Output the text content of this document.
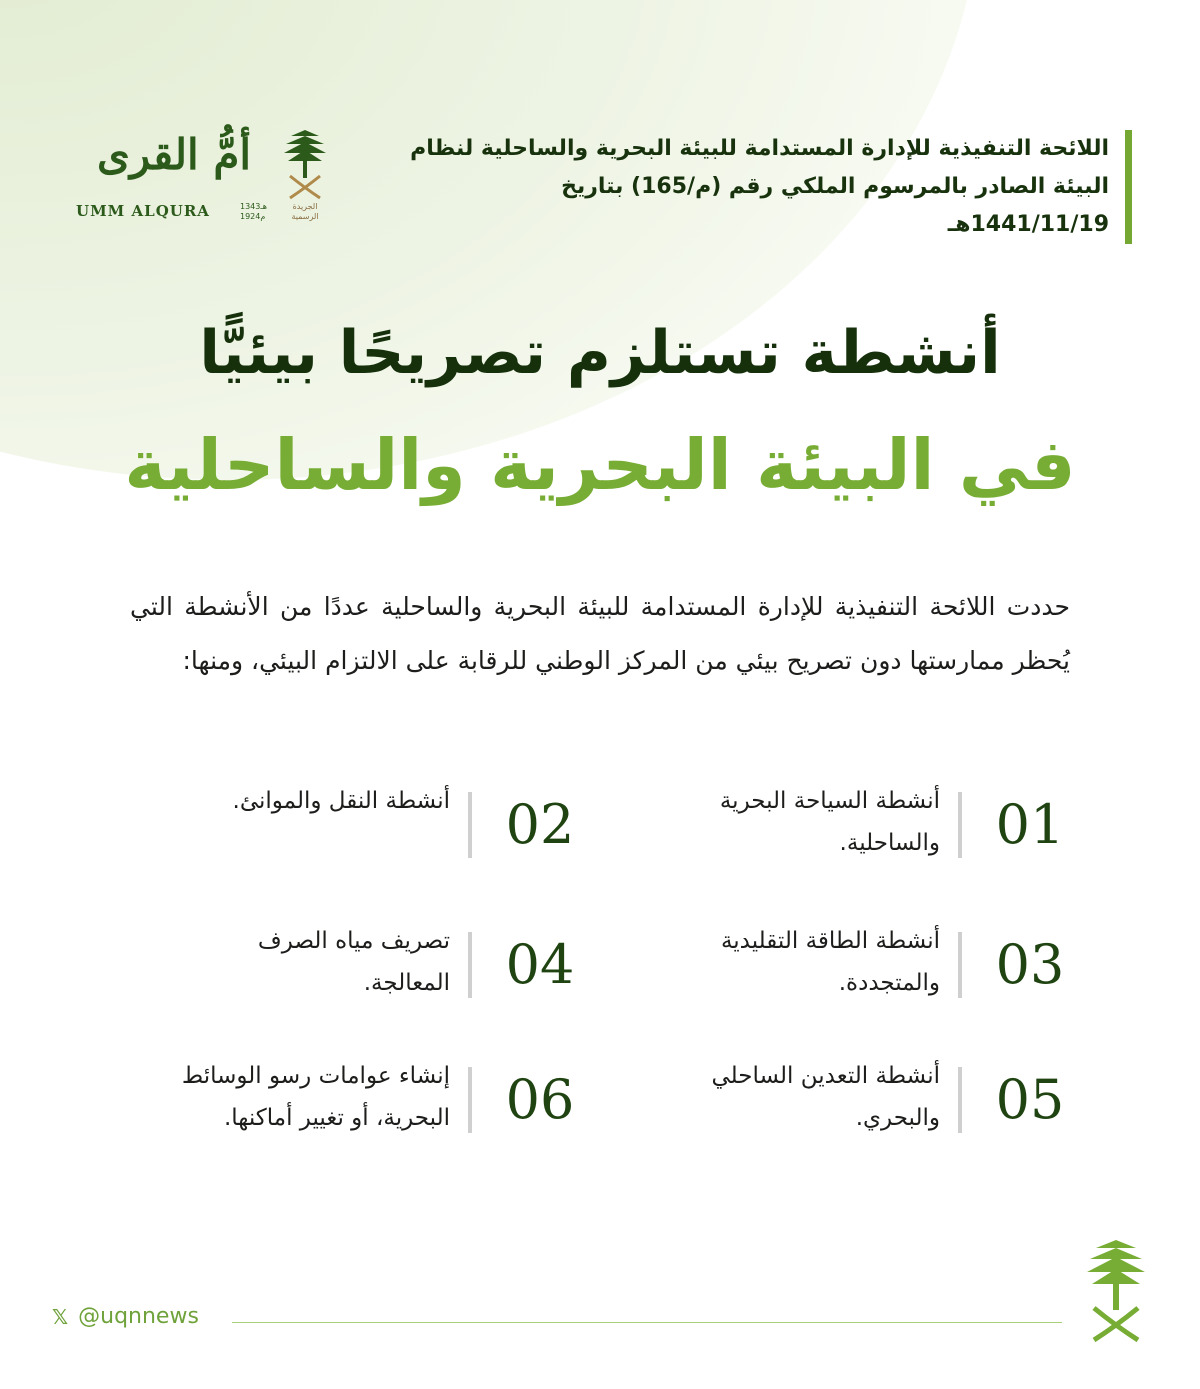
اللائحة التنفيذية للإدارة المستدامة للبيئة البحرية والساحلية لنظام
البيئة الصادر بالمرسوم الملكي رقم (م/165) بتاريخ 1441/11/19هـ
أمُّ القرى
UMM ALQURA	1343هـ
1924م
الجريدة الرسمية
أنشطة تستلزم تصريحًا بيئيًّا
في البيئة البحرية والساحلية
حددت اللائحة التنفيذية للإدارة المستدامة للبيئة البحرية والساحلية عددًا من الأنشطة التي يُحظر ممارستها دون تصريح بيئي من المركز الوطني للرقابة على الالتزام البيئي، ومنها:
01
أنشطة السياحة البحرية والساحلية.
02
أنشطة النقل والموانئ.
03
أنشطة الطاقة التقليدية والمتجددة.
04
تصريف مياه الصرف المعالجة.
05
أنشطة التعدين الساحلي والبحري.
06
إنشاء عوامات رسو الوسائط البحرية، أو تغيير أماكنها.
𝕏 @uqnnews
